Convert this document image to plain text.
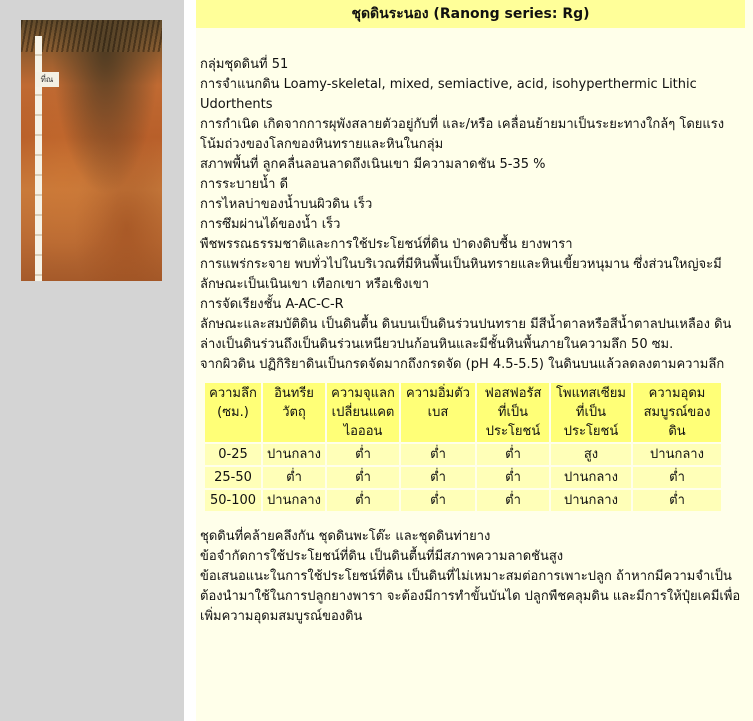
ที่ณ
ชุดดินระนอง (Ranong series: Rg)

กลุ่มชุดดินที่ 51

การจำแนกดิน Loamy-skeletal, mixed, semiactive, acid, isohyperthermic Lithic Udorthents

การกำเนิด เกิดจากการผุพังสลายตัวอยู่กับที่ และ/หรือ เคลื่อนย้ายมาเป็นระยะทางใกล้ๆ โดยแรงโน้มถ่วงของโลกของหินทรายและหินในกลุ่ม

สภาพพื้นที่ ลูกคลื่นลอนลาดถึงเนินเขา มีความลาดชัน 5-35 %

การระบายน้ำ ดี

การไหลบ่าของน้ำบนผิวดิน เร็ว

การซึมผ่านได้ของน้ำ เร็ว

พืชพรรณธรรมชาติและการใช้ประโยชน์ที่ดิน ป่าดงดิบชื้น ยางพารา

การแพร่กระจาย พบทั่วไปในบริเวณที่มีหินพื้นเป็นหินทรายและหินเขี้ยวหนุมาน ซึ่งส่วนใหญ่จะมีลักษณะเป็นเนินเขา เทือกเขา หรือเชิงเขา

การจัดเรียงชั้น A-AC-C-R

ลักษณะและสมบัติดิน เป็นดินตื้น ดินบนเป็นดินร่วนปนทราย มีสีน้ำตาลหรือสีน้ำตาลปนเหลือง ดินล่างเป็นดินร่วนถึงเป็นดินร่วนเหนียวปนก้อนหินและมีชั้นหินพื้นภายในความลึก 50 ซม.

จากผิวดิน ปฏิกิริยาดินเป็นกรดจัดมากถึงกรดจัด (pH 4.5-5.5) ในดินบนแล้วลดลงตามความลึก

ความลึก (ซม.)	อินทรียวัตถุ	ความจุแลกเปลี่ยนแคตไอออน	ความอิ่มตัวเบส	ฟอสฟอรัสที่เป็นประโยชน์	โพแทสเซียมที่เป็นประโยชน์	ความอุดมสมบูรณ์ของดิน
0-25	ปานกลาง	ต่ำ	ต่ำ	ต่ำ	สูง	ปานกลาง
25-50	ต่ำ	ต่ำ	ต่ำ	ต่ำ	ปานกลาง	ต่ำ
50-100	ปานกลาง	ต่ำ	ต่ำ	ต่ำ	ปานกลาง	ต่ำ

ชุดดินที่คล้ายคลึงกัน ชุดดินพะโต๊ะ และชุดดินท่ายาง

ข้อจำกัดการใช้ประโยชน์ที่ดิน เป็นดินตื้นที่มีสภาพความลาดชันสูง

ข้อเสนอแนะในการใช้ประโยชน์ที่ดิน เป็นดินที่ไม่เหมาะสมต่อการเพาะปลูก ถ้าหากมีความจำเป็นต้องนำมาใช้ในการปลูกยางพารา จะต้องมีการทำขั้นบันได ปลูกพืชคลุมดิน และมีการให้ปุ๋ยเคมีเพื่อเพิ่มความอุดมสมบูรณ์ของดิน
